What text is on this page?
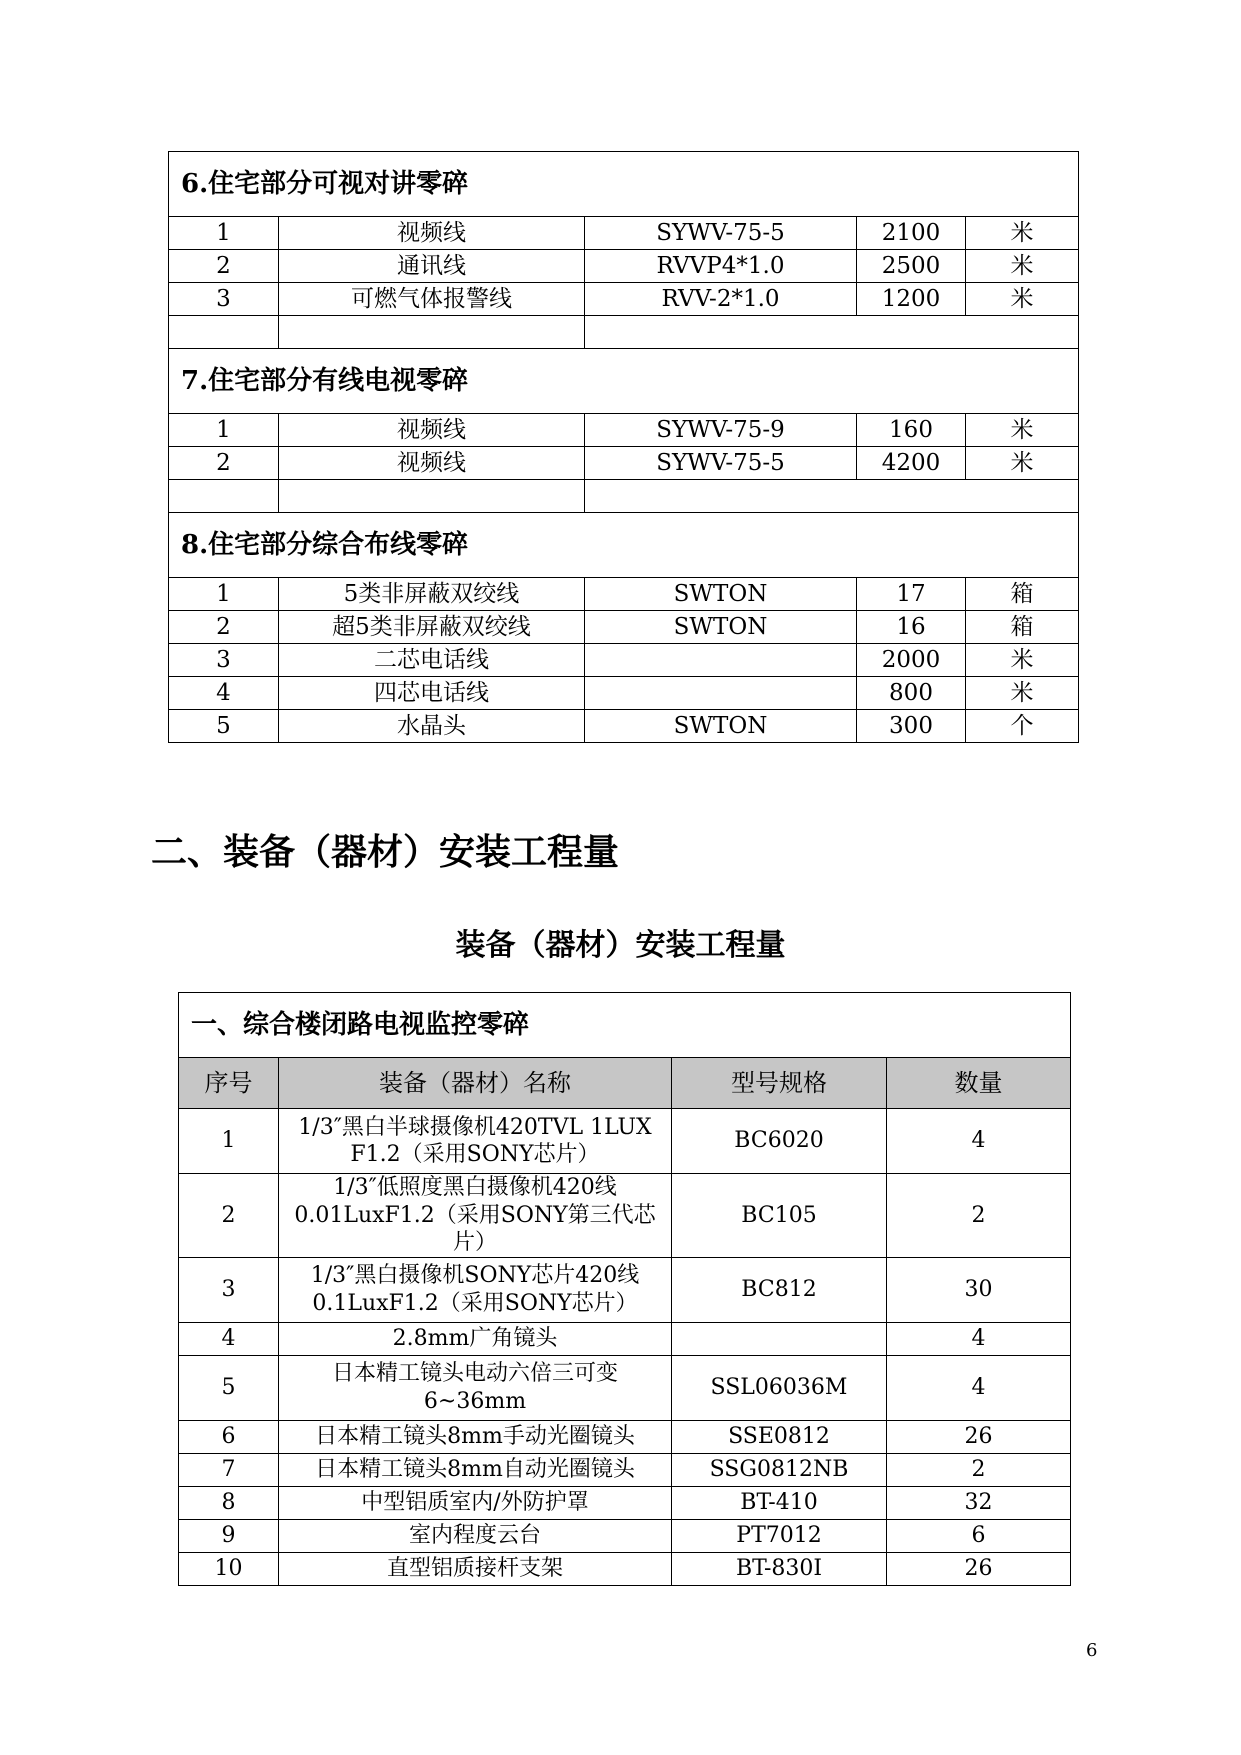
6.住宅部分可视对讲零碎				
1	视频线	SYWV-75-5	2100	米
2	通讯线	RVVP4*1.0	2500	米
3	可燃气体报警线	RVV-2*1.0	1200	米

7.住宅部分有线电视零碎				
1	视频线	SYWV-75-9	160	米
2	视频线	SYWV-75-5	4200	米

8.住宅部分综合布线零碎				
1	5类非屏蔽双绞线	SWTON	17	箱
2	超5类非屏蔽双绞线	SWTON	16	箱
3	二芯电话线		2000	米
4	四芯电话线		800	米
5	水晶头	SWTON	300	个
二、装备（器材）安装工程量
装备（器材）安装工程量
一、综合楼闭路电视监控零碎			
序号	装备（器材）名称	型号规格	数量
1	1/3″黑白半球摄像机420TVL 1LUX F1.2（采用SONY芯片）	BC6020	4
2	1/3″低照度黑白摄像机420线0.01LuxF1.2（采用SONY第三代芯片）	BC105	2
3	1/3″黑白摄像机SONY芯片420线0.1LuxF1.2（采用SONY芯片）	BC812	30
4	2.8mm广角镜头		4
5	日本精工镜头电动六倍三可变6~36mm	SSL06036M	4
6	日本精工镜头8mm手动光圈镜头	SSE0812	26
7	日本精工镜头8mm自动光圈镜头	SSG0812NB	2
8	中型铝质室内/外防护罩	BT-410	32
9	室内程度云台	PT7012	6
10	直型铝质接杆支架	BT-830I	26
6
